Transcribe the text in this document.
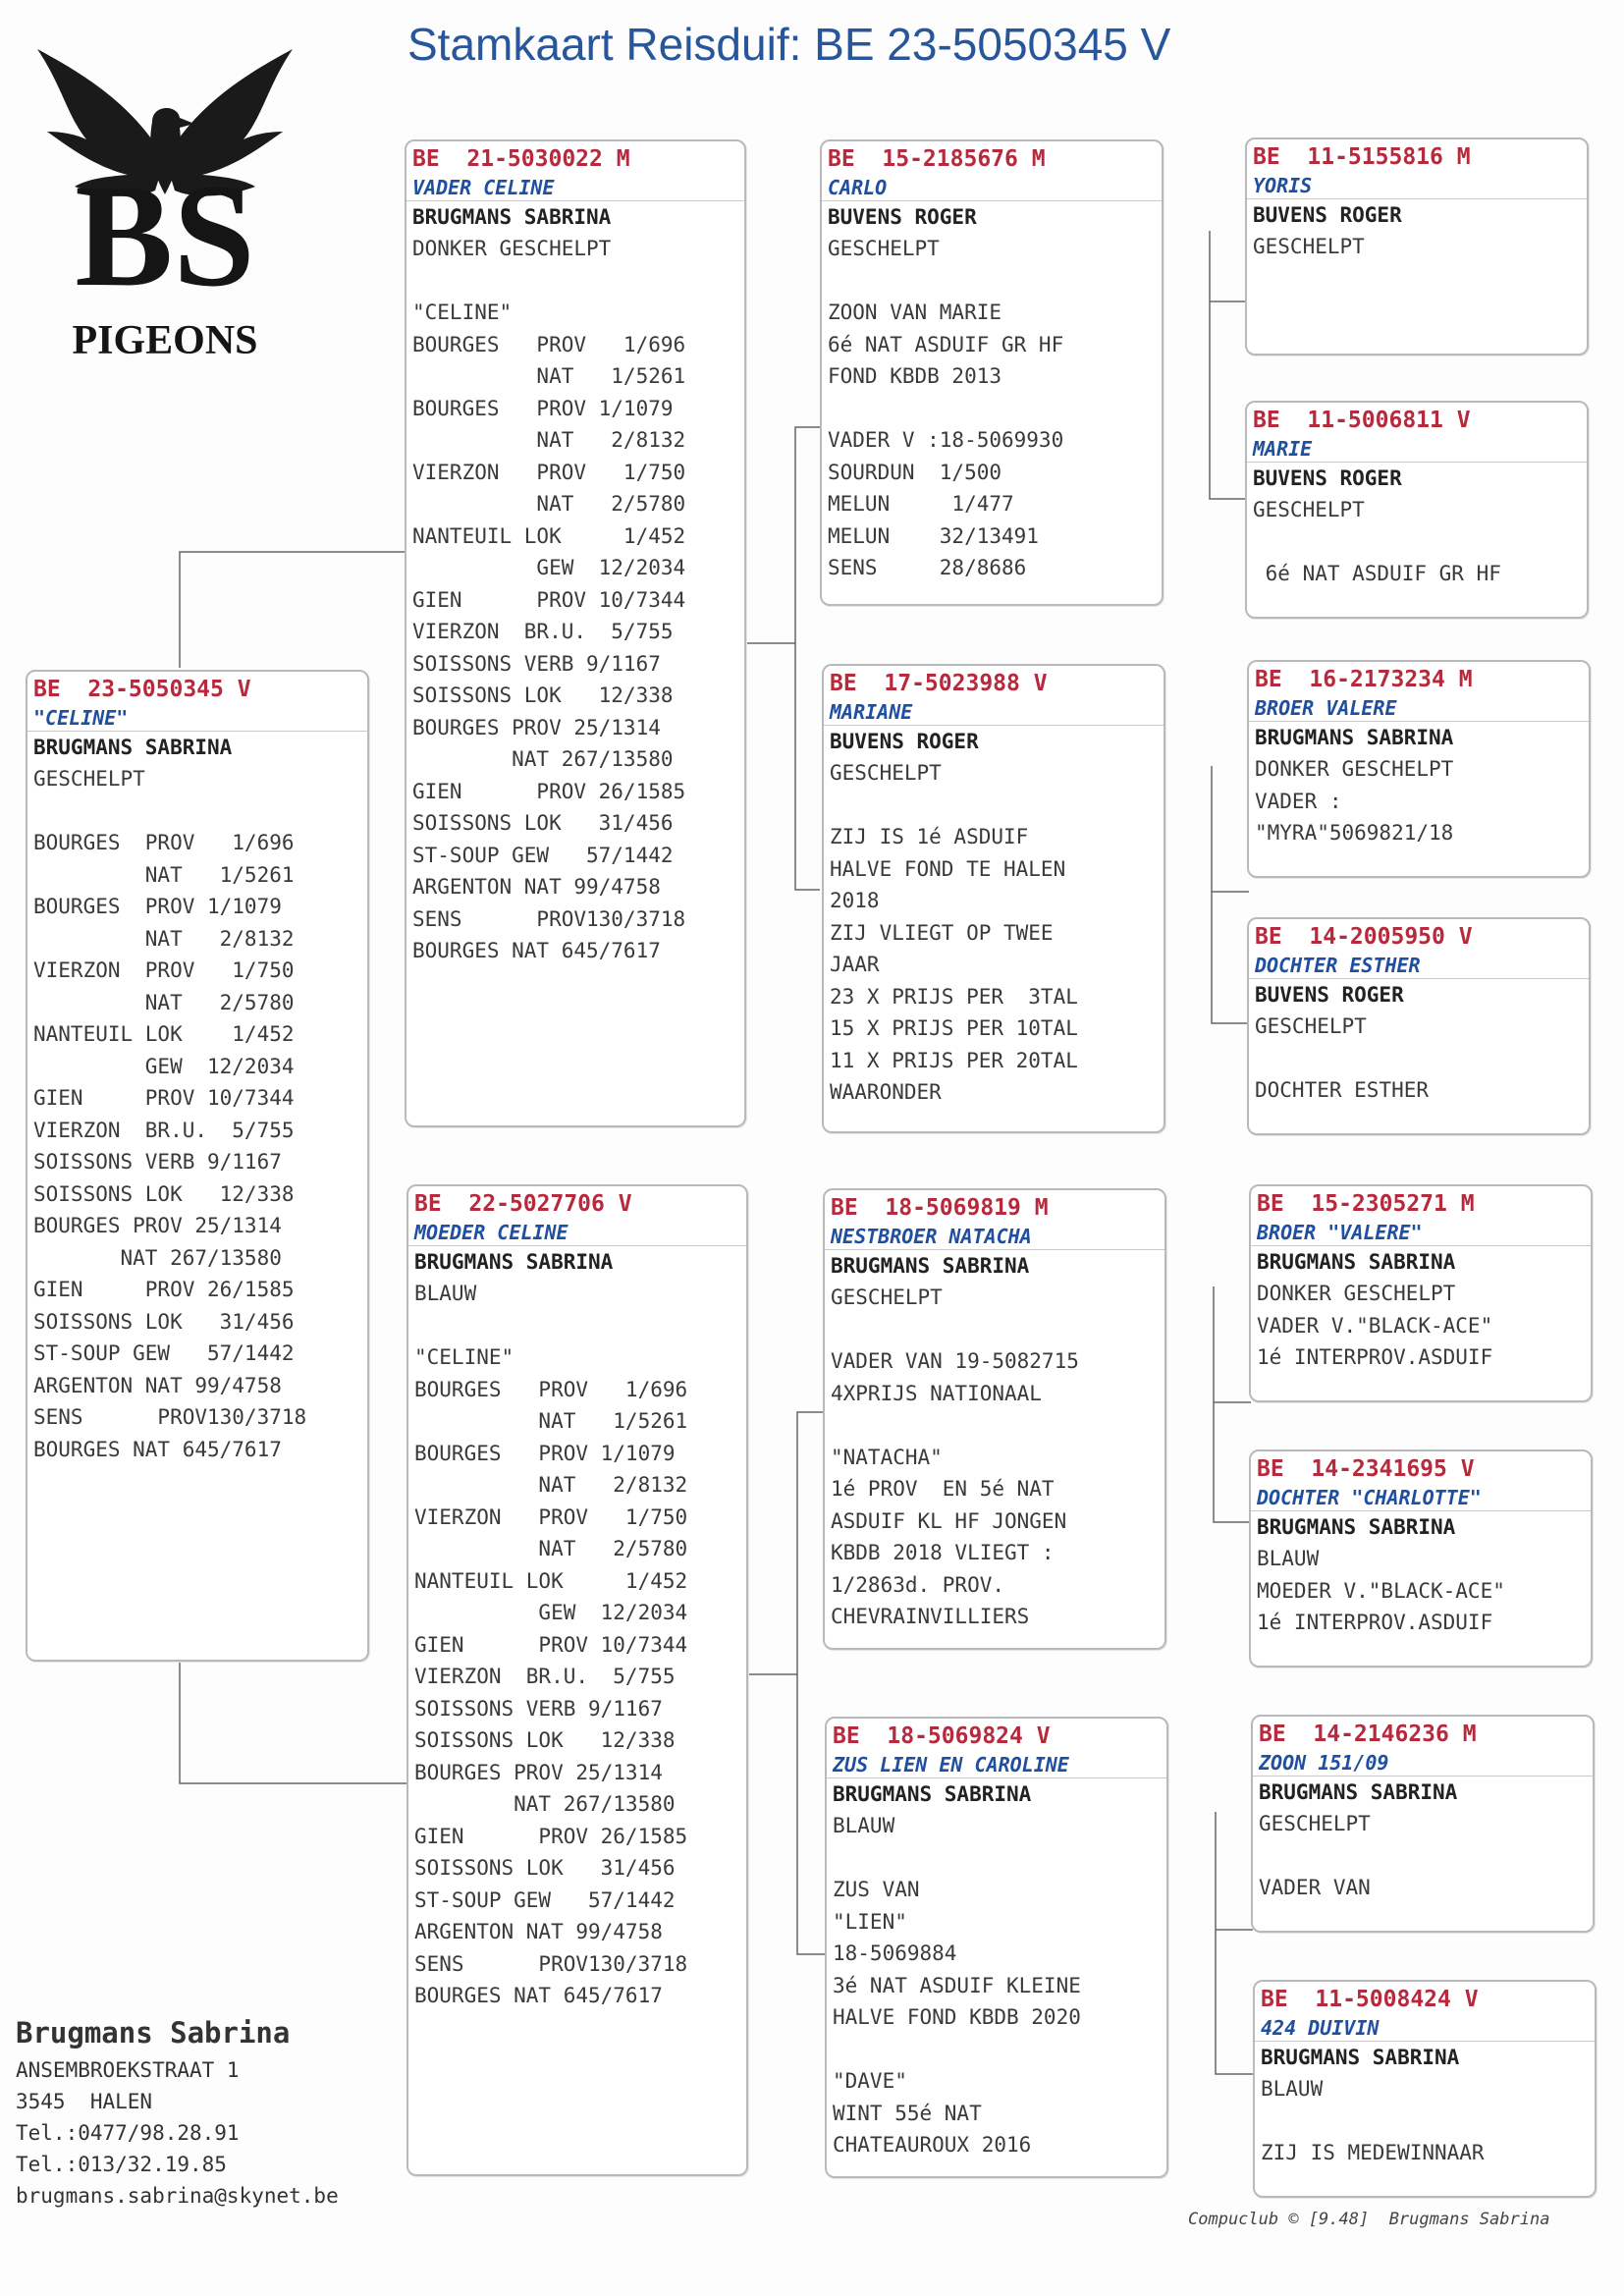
Stamkaart Reisduif: BE 23-5050345 V
BS
PIGEONS
BE  23-5050345 V
"CELINE"
BRUGMANS SABRINA
GESCHELPT
BOURGES  PROV   1/696
NAT   1/5261
BOURGES  PROV 1/1079
NAT   2/8132
VIERZON  PROV   1/750
NAT   2/5780
NANTEUIL LOK    1/452
GEW  12/2034
GIEN     PROV 10/7344
VIERZON  BR.U.  5/755
SOISSONS VERB 9/1167
SOISSONS LOK   12/338
BOURGES PROV 25/1314
NAT 267/13580
GIEN     PROV 26/1585
SOISSONS LOK   31/456
ST-SOUP GEW   57/1442
ARGENTON NAT 99/4758
SENS      PROV130/3718
BOURGES NAT 645/7617
BE  21-5030022 M
VADER CELINE
BRUGMANS SABRINA
DONKER GESCHELPT
"CELINE"
BOURGES   PROV   1/696
NAT   1/5261
BOURGES   PROV 1/1079
NAT   2/8132
VIERZON   PROV   1/750
NAT   2/5780
NANTEUIL LOK     1/452
GEW  12/2034
GIEN      PROV 10/7344
VIERZON  BR.U.  5/755
SOISSONS VERB 9/1167
SOISSONS LOK   12/338
BOURGES PROV 25/1314
NAT 267/13580
GIEN      PROV 26/1585
SOISSONS LOK   31/456
ST-SOUP GEW   57/1442
ARGENTON NAT 99/4758
SENS      PROV130/3718
BOURGES NAT 645/7617
BE  22-5027706 V
MOEDER CELINE
BRUGMANS SABRINA
BLAUW
"CELINE"
BOURGES   PROV   1/696
NAT   1/5261
BOURGES   PROV 1/1079
NAT   2/8132
VIERZON   PROV   1/750
NAT   2/5780
NANTEUIL LOK     1/452
GEW  12/2034
GIEN      PROV 10/7344
VIERZON  BR.U.  5/755
SOISSONS VERB 9/1167
SOISSONS LOK   12/338
BOURGES PROV 25/1314
NAT 267/13580
GIEN      PROV 26/1585
SOISSONS LOK   31/456
ST-SOUP GEW   57/1442
ARGENTON NAT 99/4758
SENS      PROV130/3718
BOURGES NAT 645/7617
BE  15-2185676 M
CARLO
BUVENS ROGER
GESCHELPT
ZOON VAN MARIE
6é NAT ASDUIF GR HF
FOND KBDB 2013
VADER V :18-5069930
SOURDUN  1/500
MELUN     1/477
MELUN    32/13491
SENS     28/8686
BE  17-5023988 V
MARIANE
BUVENS ROGER
GESCHELPT
ZIJ IS 1é ASDUIF
HALVE FOND TE HALEN
2018
ZIJ VLIEGT OP TWEE
JAAR
23 X PRIJS PER  3TAL
15 X PRIJS PER 10TAL
11 X PRIJS PER 20TAL
WAARONDER
BE  18-5069819 M
NESTBROER NATACHA
BRUGMANS SABRINA
GESCHELPT
VADER VAN 19-5082715
4XPRIJS NATIONAAL
"NATACHA"
1é PROV  EN 5é NAT
ASDUIF KL HF JONGEN
KBDB 2018 VLIEGT :
1/2863d. PROV.
CHEVRAINVILLIERS
BE  18-5069824 V
ZUS LIEN EN CAROLINE
BRUGMANS SABRINA
BLAUW
ZUS VAN
"LIEN"
18-5069884
3é NAT ASDUIF KLEINE
HALVE FOND KBDB 2020
"DAVE"
WINT 55é NAT
CHATEAUROUX 2016
BE  11-5155816 M
YORIS
BUVENS ROGER
GESCHELPT
BE  11-5006811 V
MARIE
BUVENS ROGER
GESCHELPT
6é NAT ASDUIF GR HF
BE  16-2173234 M
BROER VALERE
BRUGMANS SABRINA
DONKER GESCHELPT
VADER :
"MYRA"5069821/18
BE  14-2005950 V
DOCHTER ESTHER
BUVENS ROGER
GESCHELPT
DOCHTER ESTHER
BE  15-2305271 M
BROER "VALERE"
BRUGMANS SABRINA
DONKER GESCHELPT
VADER V."BLACK-ACE"
1é INTERPROV.ASDUIF
BE  14-2341695 V
DOCHTER "CHARLOTTE"
BRUGMANS SABRINA
BLAUW
MOEDER V."BLACK-ACE"
1é INTERPROV.ASDUIF
BE  14-2146236 M
ZOON 151/09
BRUGMANS SABRINA
GESCHELPT
VADER VAN
BE  11-5008424 V
424 DUIVIN
BRUGMANS SABRINA
BLAUW
ZIJ IS MEDEWINNAAR
Brugmans Sabrina
ANSEMBROEKSTRAAT 1
3545  HALEN
Tel.:0477/98.28.91
Tel.:013/32.19.85
brugmans.sabrina@skynet.be
Compuclub © [9.48]  Brugmans Sabrina
